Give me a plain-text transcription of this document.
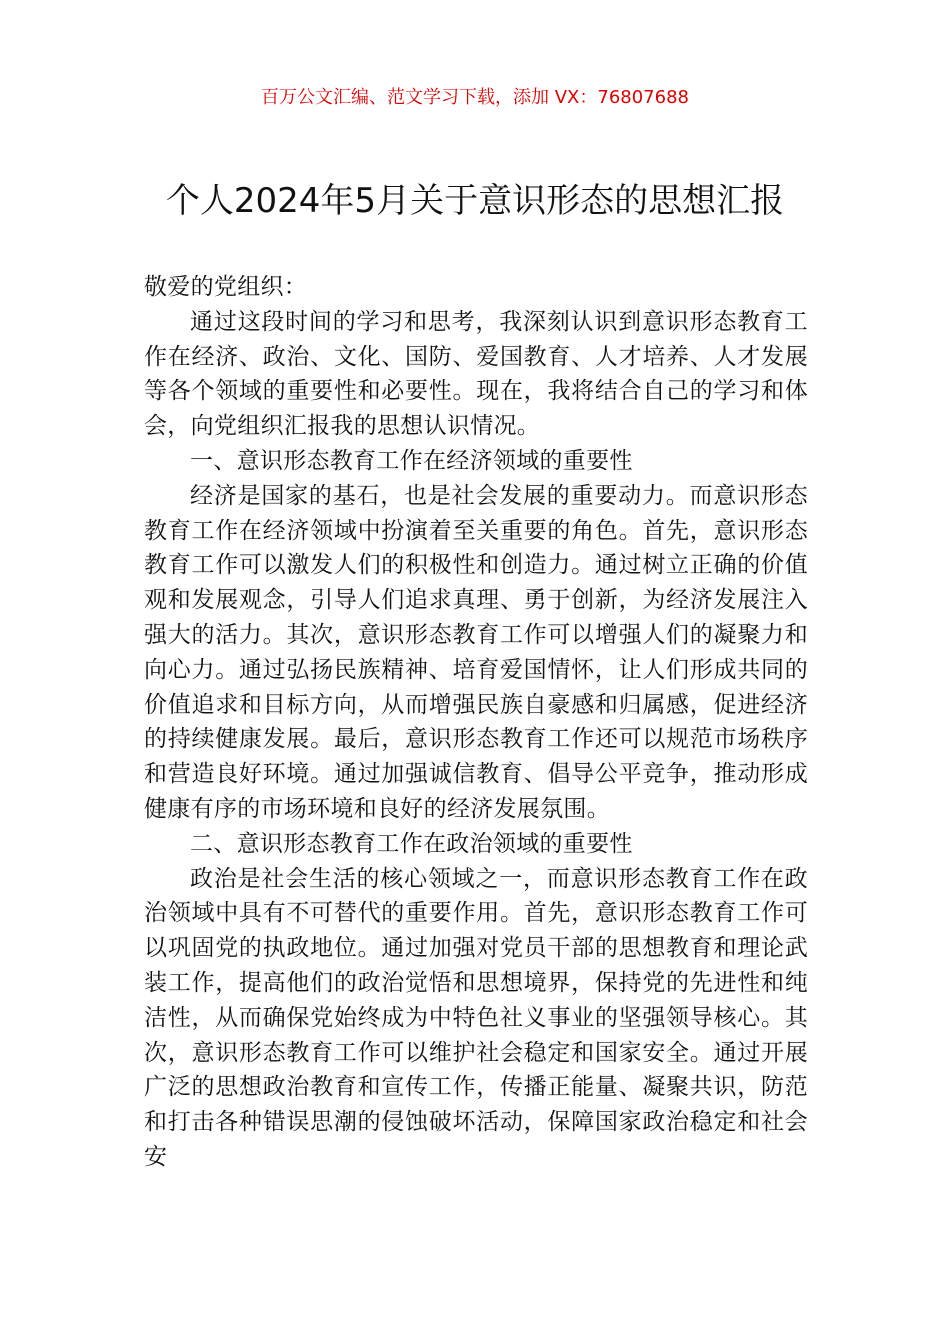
百万公文汇编、范文学习下载，添加 VX：76807688
个人2024年5月关于意识形态的思想汇报

敬爱的党组织：

通过这段时间的学习和思考，我深刻认识到意识形态教育工作在经济、政治、文化、国防、爱国教育、人才培养、人才发展等各个领域的重要性和必要性。现在，我将结合自己的学习和体会，向党组织汇报我的思想认识情况。

一、意识形态教育工作在经济领域的重要性

经济是国家的基石，也是社会发展的重要动力。而意识形态教育工作在经济领域中扮演着至关重要的角色。首先，意识形态教育工作可以激发人们的积极性和创造力。通过树立正确的价值观和发展观念，引导人们追求真理、勇于创新，为经济发展注入强大的活力。其次，意识形态教育工作可以增强人们的凝聚力和向心力。通过弘扬民族精神、培育爱国情怀，让人们形成共同的价值追求和目标方向，从而增强民族自豪感和归属感，促进经济的持续健康发展。最后，意识形态教育工作还可以规范市场秩序和营造良好环境。通过加强诚信教育、倡导公平竞争，推动形成健康有序的市场环境和良好的经济发展氛围。

二、意识形态教育工作在政治领域的重要性

政治是社会生活的核心领域之一，而意识形态教育工作在政治领域中具有不可替代的重要作用。首先，意识形态教育工作可以巩固党的执政地位。通过加强对党员干部的思想教育和理论武装工作，提高他们的政治觉悟和思想境界，保持党的先进性和纯洁性，从而确保党始终成为中特色社义事业的坚强领导核心。其次，意识形态教育工作可以维护社会稳定和国家安全。通过开展广泛的思想政治教育和宣传工作，传播正能量、凝聚共识，防范和打击各种错误思潮的侵蚀破坏活动，保障国家政治稳定和社会安
